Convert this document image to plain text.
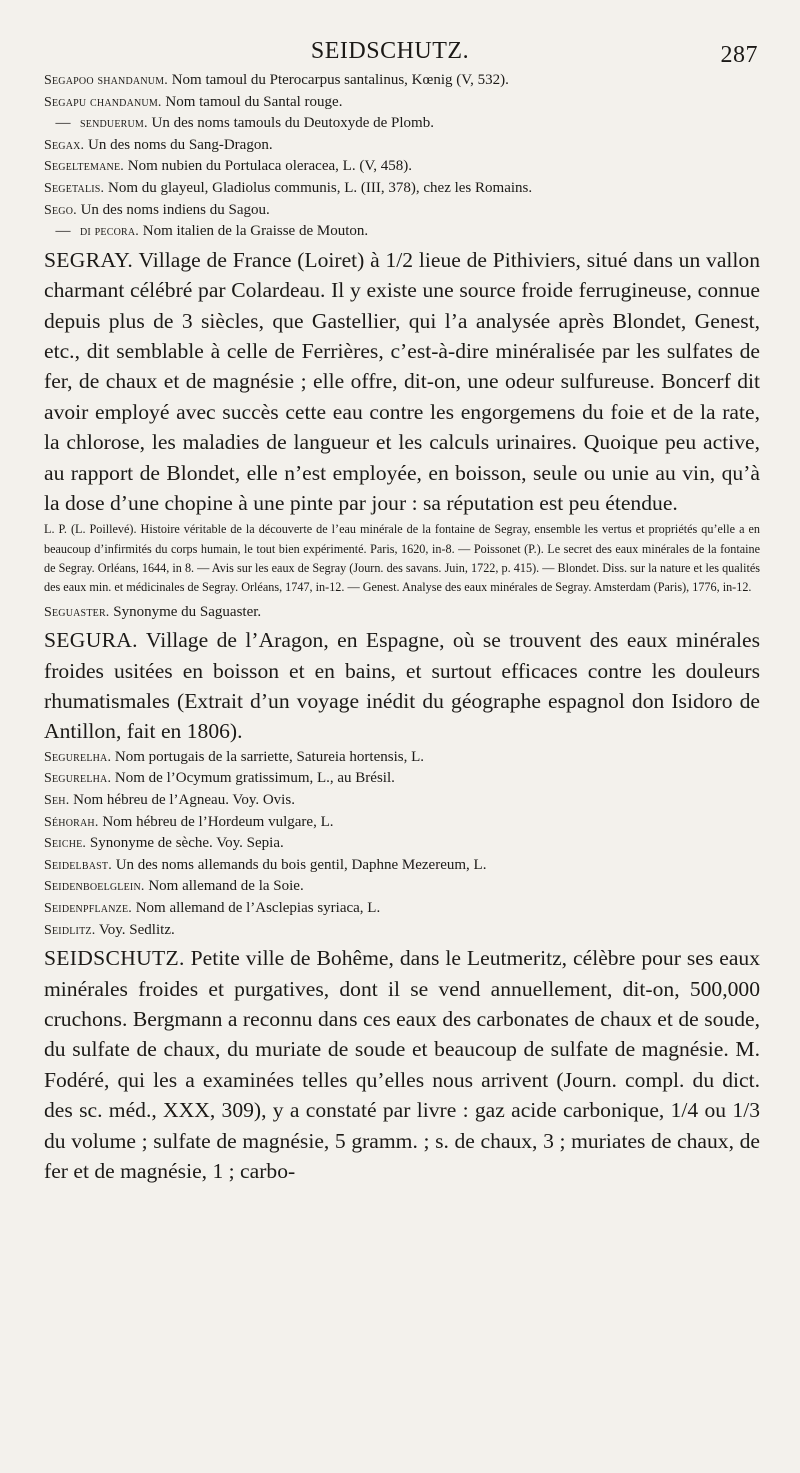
SEIDSCHUTZ.	287

Segapoo shandanum. Nom tamoul du Pterocarpus santalinus, Kœnig (V, 532).

Segapu chandanum. Nom tamoul du Santal rouge.

— senduerum. Un des noms tamouls du Deutoxyde de Plomb.

Segax. Un des noms du Sang-Dragon.

Segeltemane. Nom nubien du Portulaca oleracea, L. (V, 458).

Segetalis. Nom du glayeul, Gladiolus communis, L. (III, 378), chez les Romains.

Sego. Un des noms indiens du Sagou.

— di pecora. Nom italien de la Graisse de Mouton.

SEGRAY. Village de France (Loiret) à 1/2 lieue de Pithiviers, situé dans un vallon charmant célébré par Colardeau. Il y existe une source froide ferrugineuse, connue depuis plus de 3 siècles, que Gastellier, qui l’a analysée après Blondet, Genest, etc., dit semblable à celle de Ferrières, c’est-à-dire minéralisée par les sulfates de fer, de chaux et de magnésie ; elle offre, dit-on, une odeur sulfureuse. Boncerf dit avoir employé avec succès cette eau contre les engorgemens du foie et de la rate, la chlorose, les maladies de langueur et les calculs urinaires. Quoique peu active, au rapport de Blondet, elle n’est employée, en boisson, seule ou unie au vin, qu’à la dose d’une chopine à une pinte par jour : sa réputation est peu étendue.

L. P. (L. Poillevé). Histoire véritable de la découverte de l’eau minérale de la fontaine de Segray, ensemble les vertus et propriétés qu’elle a en beaucoup d’infirmités du corps humain, le tout bien expérimenté. Paris, 1620, in-8. — Poissonet (P.). Le secret des eaux minérales de la fontaine de Segray. Orléans, 1644, in 8. — Avis sur les eaux de Segray (Journ. des savans. Juin, 1722, p. 415). — Blondet. Diss. sur la nature et les qualités des eaux min. et médicinales de Segray. Orléans, 1747, in-12. — Genest. Analyse des eaux minérales de Segray. Amsterdam (Paris), 1776, in-12.

Seguaster. Synonyme du Saguaster.

SEGURA. Village de l’Aragon, en Espagne, où se trouvent des eaux minérales froides usitées en boisson et en bains, et surtout efficaces contre les douleurs rhumatismales (Extrait d’un voyage inédit du géographe espagnol don Isidoro de Antillon, fait en 1806).

Segurelha. Nom portugais de la sarriette, Satureia hortensis, L.

Segurelha. Nom de l’Ocymum gratissimum, L., au Brésil.

Seh. Nom hébreu de l’Agneau. Voy. Ovis.

Séhorah. Nom hébreu de l’Hordeum vulgare, L.

Seiche. Synonyme de sèche. Voy. Sepia.

Seidelbast. Un des noms allemands du bois gentil, Daphne Mezereum, L.

Seidenboelglein. Nom allemand de la Soie.

Seidenpflanze. Nom allemand de l’Asclepias syriaca, L.

Seidlitz. Voy. Sedlitz.

SEIDSCHUTZ. Petite ville de Bohême, dans le Leutmeritz, célèbre pour ses eaux minérales froides et purgatives, dont il se vend annuellement, dit-on, 500,000 cruchons. Bergmann a reconnu dans ces eaux des carbonates de chaux et de soude, du sulfate de chaux, du muriate de soude et beaucoup de sulfate de magnésie. M. Fodéré, qui les a examinées telles qu’elles nous arrivent (Journ. compl. du dict. des sc. méd., XXX, 309), y a constaté par livre : gaz acide carbonique, 1/4 ou 1/3 du volume ; sulfate de magnésie, 5 gramm. ; s. de chaux, 3 ; muriates de chaux, de fer et de magnésie, 1 ; carbo-
